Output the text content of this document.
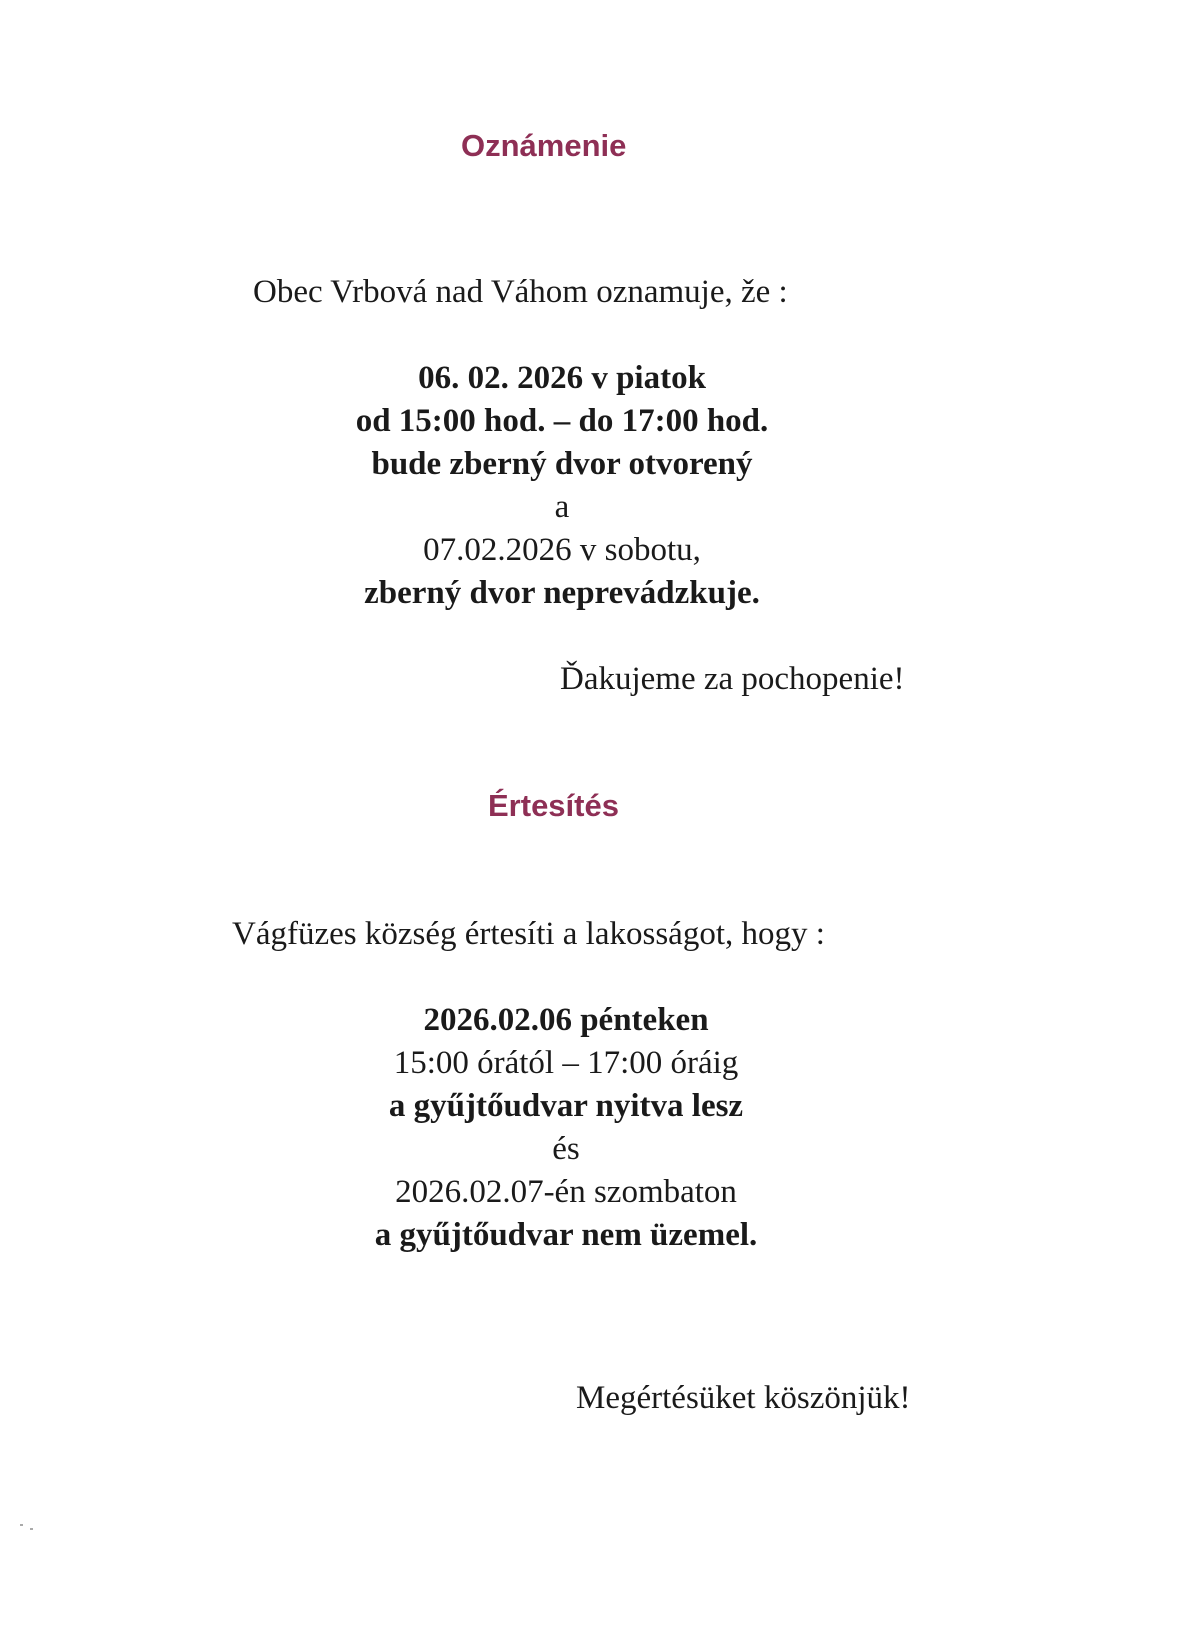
Oznámenie
Obec Vrbová nad Váhom oznamuje, že :
06. 02. 2026 v piatok
od 15:00 hod. – do 17:00 hod.
bude zberný dvor otvorený
a
07.02.2026 v sobotu,
zberný dvor neprevádzkuje.
Ďakujeme za pochopenie!
Értesítés
Vágfüzes község értesíti a lakosságot, hogy :
2026.02.06 pénteken
15:00 órától – 17:00 óráig
a gyűjtőudvar nyitva lesz
és
2026.02.07-én szombaton
a gyűjtőudvar nem üzemel.
Megértésüket köszönjük!
